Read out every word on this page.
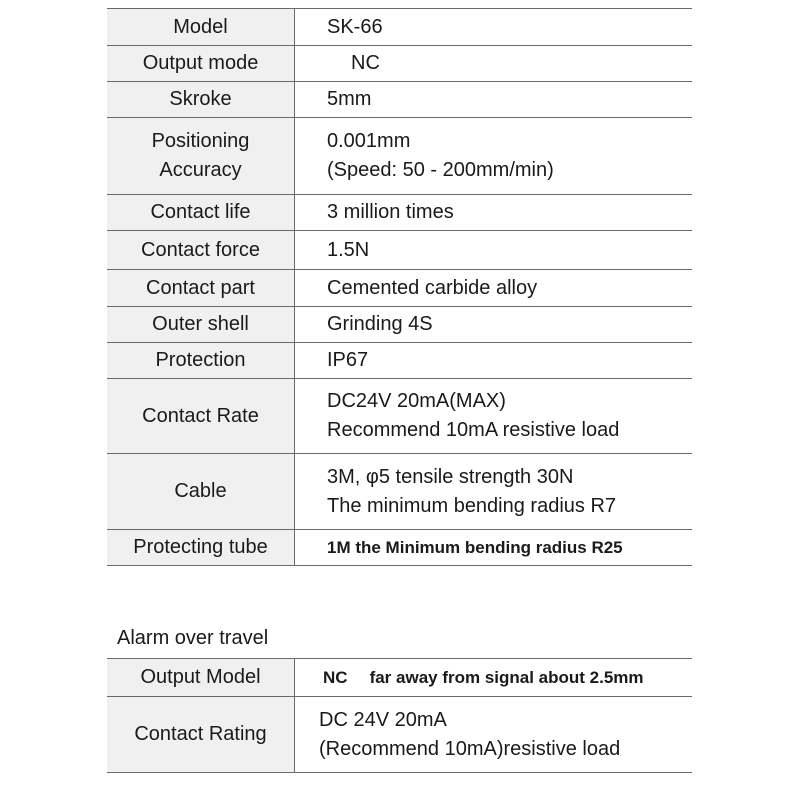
Model	SK-66

Output mode	NC

Skroke	5mm

Positioning
Accuracy	0.001mm
(Speed: 50 - 200mm/min)

Contact life	3 million times

Contact force	1.5N

Contact part	Cemented carbide alloy

Outer shell	Grinding 4S

Protection	IP67

Contact Rate	DC24V 20mA(MAX)
Recommend 10mA resistive load

Cable	3M, φ5 tensile strength 30N
The minimum bending radius R7

Protecting tube	1M the Minimum bending radius R25
Alarm over travel
Output Model	NC far away from signal about 2.5mm

Contact Rating	DC 24V 20mA
(Recommend 10mA)resistive load
